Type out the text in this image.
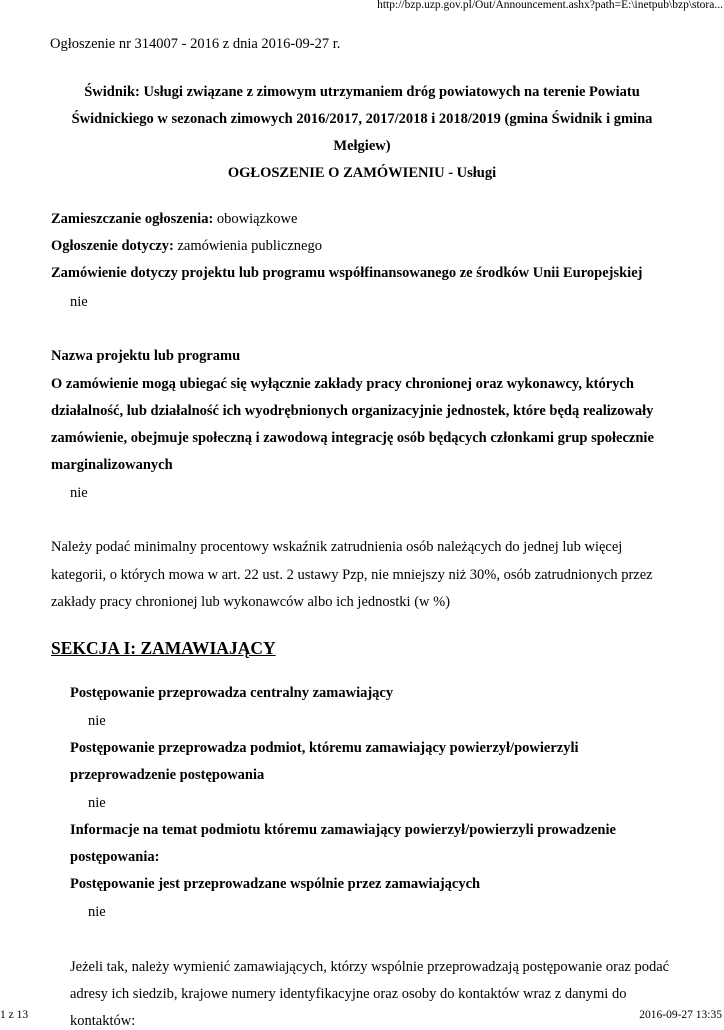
http://bzp.uzp.gov.pl/Out/Announcement.ashx?path=E:\inetpub\bzp\stora...
Ogłoszenie nr 314007 - 2016 z dnia 2016-09-27 r.
Świdnik: Usługi związane z zimowym utrzymaniem dróg powiatowych na terenie Powiatu
Świdnickiego w sezonach zimowych 2016/2017, 2017/2018 i 2018/2019 (gmina Świdnik i gmina
Mełgiew)
OGŁOSZENIE O ZAMÓWIENIU - Usługi
Zamieszczanie ogłoszenia: obowiązkowe
Ogłoszenie dotyczy: zamówienia publicznego
Zamówienie dotyczy projektu lub programu współfinansowanego ze środków Unii Europejskiej
nie
Nazwa projektu lub programu
O zamówienie mogą ubiegać się wyłącznie zakłady pracy chronionej oraz wykonawcy, których
działalność, lub działalność ich wyodrębnionych organizacyjnie jednostek, które będą realizowały
zamówienie, obejmuje społeczną i zawodową integrację osób będących członkami grup społecznie
marginalizowanych
nie
Należy podać minimalny procentowy wskaźnik zatrudnienia osób należących do jednej lub więcej
kategorii, o których mowa w art. 22 ust. 2 ustawy Pzp, nie mniejszy niż 30%, osób zatrudnionych przez
zakłady pracy chronionej lub wykonawców albo ich jednostki (w %)
SEKCJA I: ZAMAWIAJĄCY
Postępowanie przeprowadza centralny zamawiający
nie
Postępowanie przeprowadza podmiot, któremu zamawiający powierzył/powierzyli
przeprowadzenie postępowania
nie
Informacje na temat podmiotu któremu zamawiający powierzył/powierzyli prowadzenie
postępowania:
Postępowanie jest przeprowadzane wspólnie przez zamawiających
nie
Jeżeli tak, należy wymienić zamawiających, którzy wspólnie przeprowadzają postępowanie oraz podać
adresy ich siedzib, krajowe numery identyfikacyjne oraz osoby do kontaktów wraz z danymi do
kontaktów:
1 z 13	2016-09-27 13:35
